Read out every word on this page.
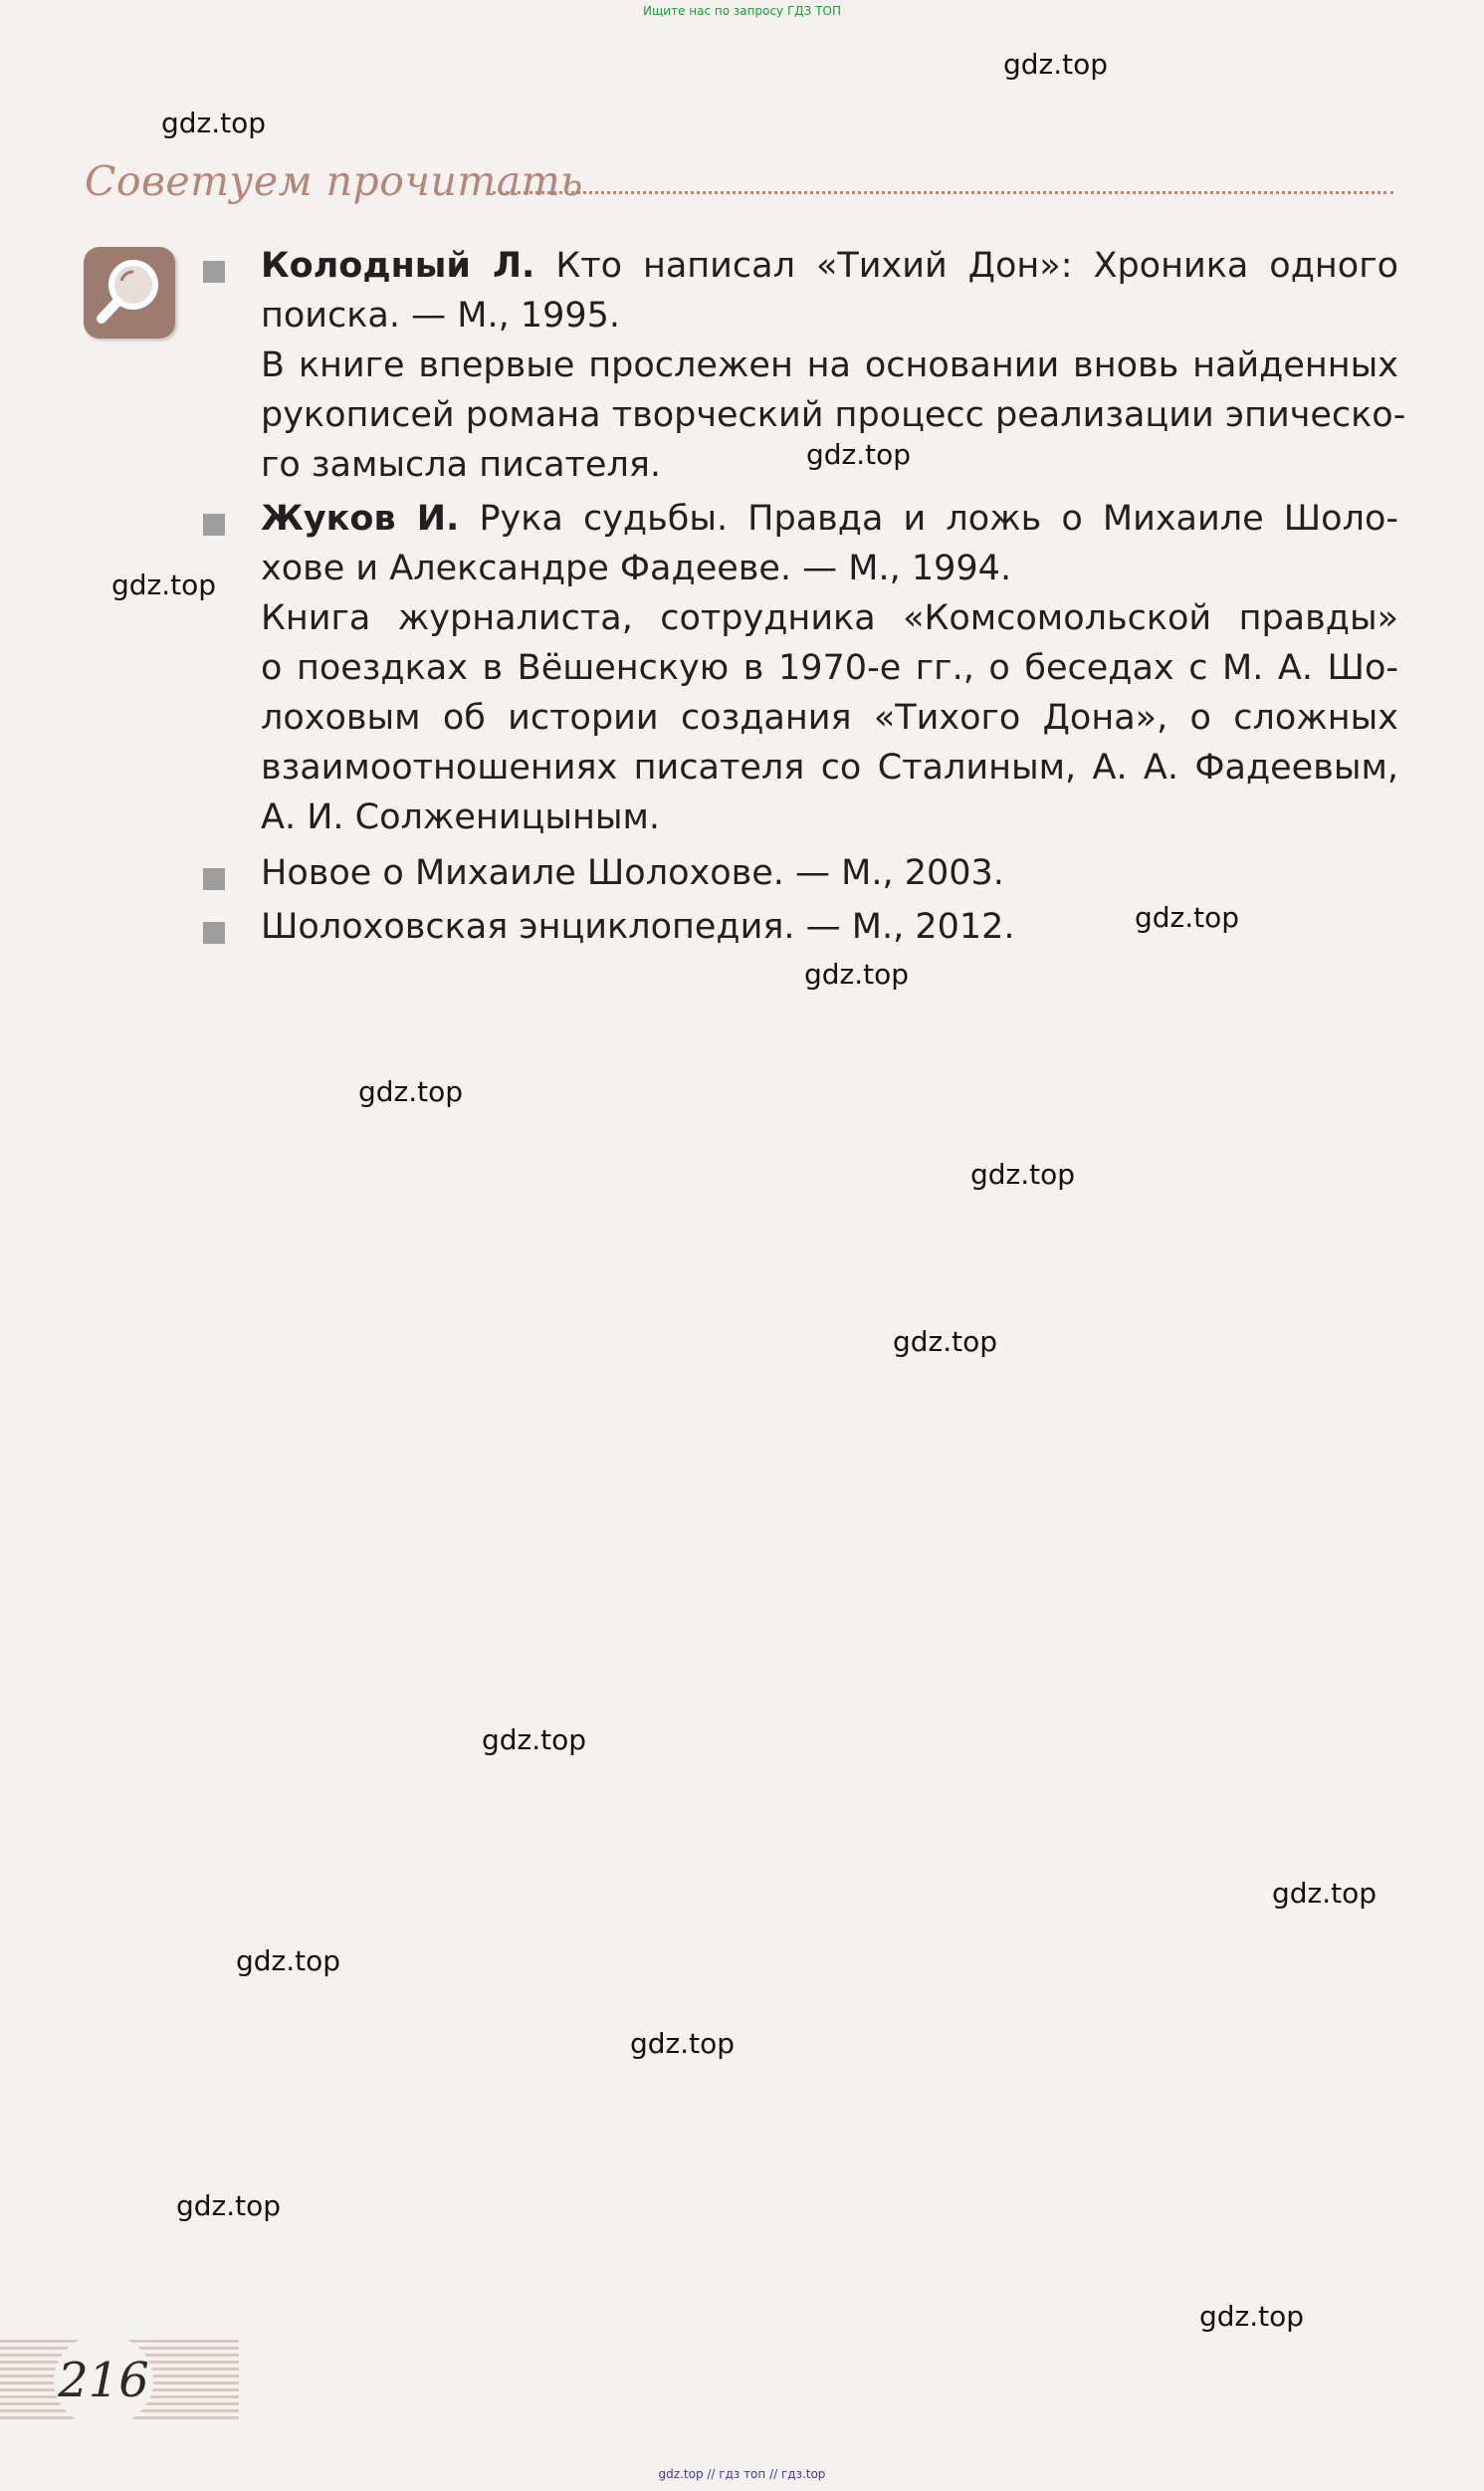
Ищите нас по запросу ГДЗ ТОП
gdz.top
gdz.top
gdz.top
gdz.top
gdz.top
gdz.top
gdz.top
gdz.top
gdz.top
gdz.top
gdz.top
gdz.top
gdz.top
gdz.top
gdz.top
Советуем прочитать
Колодный Л. Кто написал «Тихий Дон»: Хроника одного
поиска. — М., 1995.
В книге впервые прослежен на основании вновь найденных
рукописей романа творческий процесс реализации эпическо-
го замысла писателя.
Жуков И. Рука судьбы. Правда и ложь о Михаиле Шоло-
хове и Александре Фадееве. — М., 1994.
Книга журналиста, сотрудника «Комсомольской правды»
о поездках в Вёшенскую в 1970-е гг., о беседах с М. А. Шо-
лоховым об истории создания «Тихого Дона», о сложных
взаимоотношениях писателя со Сталиным, А. А. Фадеевым,
А. И. Солженицыным.
Новое о Михаиле Шолохове. — М., 2003.
Шолоховская энциклопедия. — М., 2012.
216
gdz.top // гдз топ // гдз.top
